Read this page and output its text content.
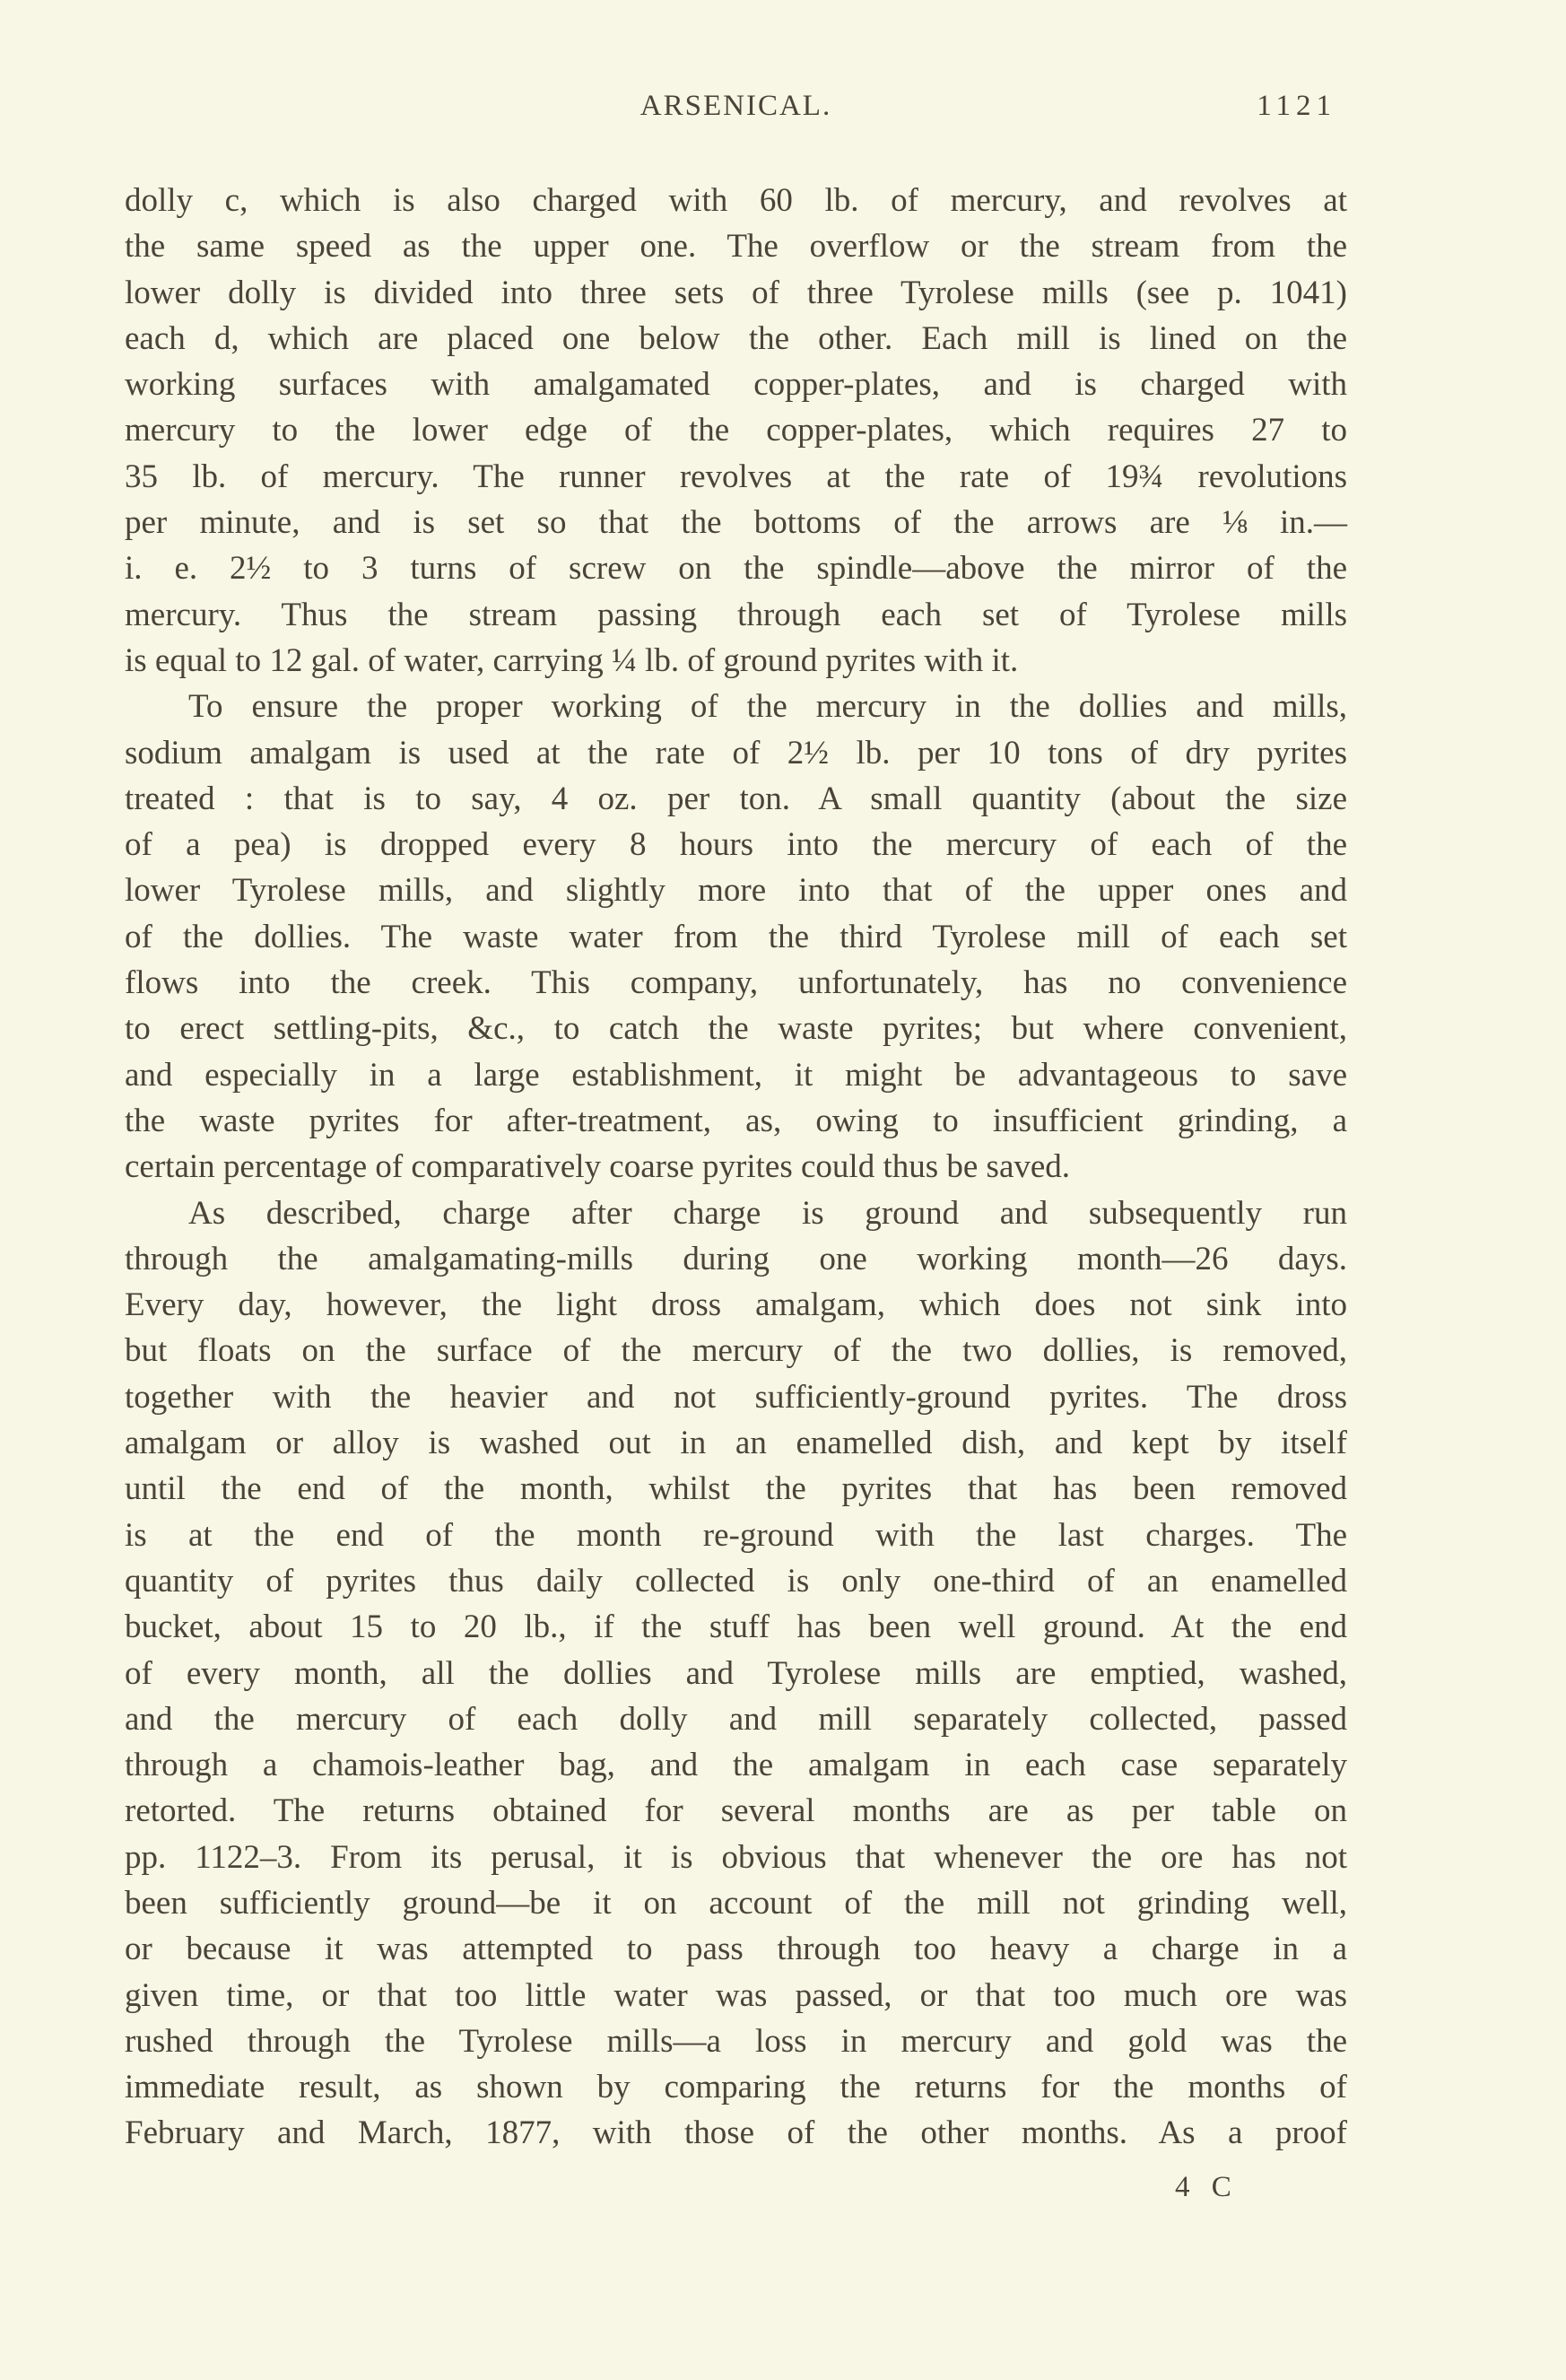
ARSENICAL.	1121
dolly c, which is also charged with 60 lb. of mercury, and revolves at
the same speed as the upper one. The overflow or the stream from the
lower dolly is divided into three sets of three Tyrolese mills (see p. 1041)
each d, which are placed one below the other. Each mill is lined on the
working surfaces with amalgamated copper-plates, and is charged with
mercury to the lower edge of the copper-plates, which requires 27 to
35 lb. of mercury. The runner revolves at the rate of 19¾ revolutions
per minute, and is set so that the bottoms of the arrows are ⅛ in.—
i. e. 2½ to 3 turns of screw on the spindle—above the mirror of the
mercury. Thus the stream passing through each set of Tyrolese mills
is equal to 12 gal. of water, carrying ¼ lb. of ground pyrites with it.
To ensure the proper working of the mercury in the dollies and mills,
sodium amalgam is used at the rate of 2½ lb. per 10 tons of dry pyrites
treated : that is to say, 4 oz. per ton. A small quantity (about the size
of a pea) is dropped every 8 hours into the mercury of each of the
lower Tyrolese mills, and slightly more into that of the upper ones and
of the dollies. The waste water from the third Tyrolese mill of each set
flows into the creek. This company, unfortunately, has no convenience
to erect settling-pits, &c., to catch the waste pyrites; but where convenient,
and especially in a large establishment, it might be advantageous to save
the waste pyrites for after-treatment, as, owing to insufficient grinding, a
certain percentage of comparatively coarse pyrites could thus be saved.
As described, charge after charge is ground and subsequently run
through the amalgamating-mills during one working month—26 days.
Every day, however, the light dross amalgam, which does not sink into
but floats on the surface of the mercury of the two dollies, is removed,
together with the heavier and not sufficiently-ground pyrites. The dross
amalgam or alloy is washed out in an enamelled dish, and kept by itself
until the end of the month, whilst the pyrites that has been removed
is at the end of the month re-ground with the last charges. The
quantity of pyrites thus daily collected is only one-third of an enamelled
bucket, about 15 to 20 lb., if the stuff has been well ground. At the end
of every month, all the dollies and Tyrolese mills are emptied, washed,
and the mercury of each dolly and mill separately collected, passed
through a chamois-leather bag, and the amalgam in each case separately
retorted. The returns obtained for several months are as per table on
pp. 1122–3. From its perusal, it is obvious that whenever the ore has not
been sufficiently ground—be it on account of the mill not grinding well,
or because it was attempted to pass through too heavy a charge in a
given time, or that too little water was passed, or that too much ore was
rushed through the Tyrolese mills—a loss in mercury and gold was the
immediate result, as shown by comparing the returns for the months of
February and March, 1877, with those of the other months. As a proof
4 C
